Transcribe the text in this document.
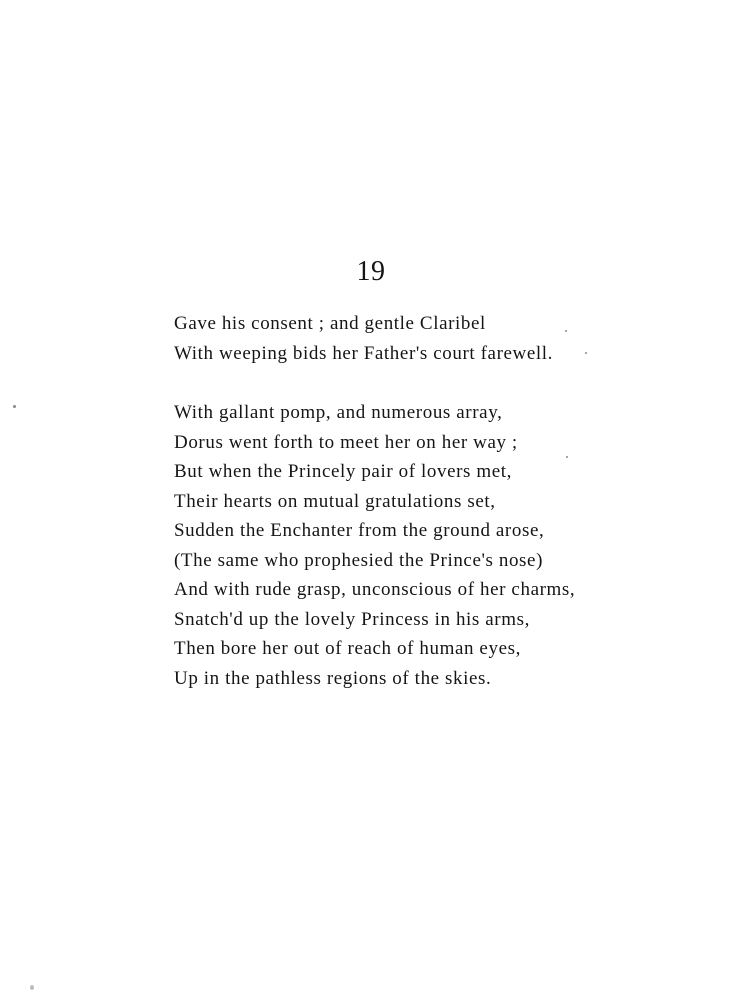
19
Gave his consent ; and gentle Claribel
With weeping bids her Father's court farewell.
With gallant pomp, and numerous array,
Dorus went forth to meet her on her way ;
But when the Princely pair of lovers met,
Their hearts on mutual gratulations set,
Sudden the Enchanter from the ground arose,
(The same who prophesied the Prince's nose)
And with rude grasp, unconscious of her charms,
Snatch'd up the lovely Princess in his arms,
Then bore her out of reach of human eyes,
Up in the pathless regions of the skies.
